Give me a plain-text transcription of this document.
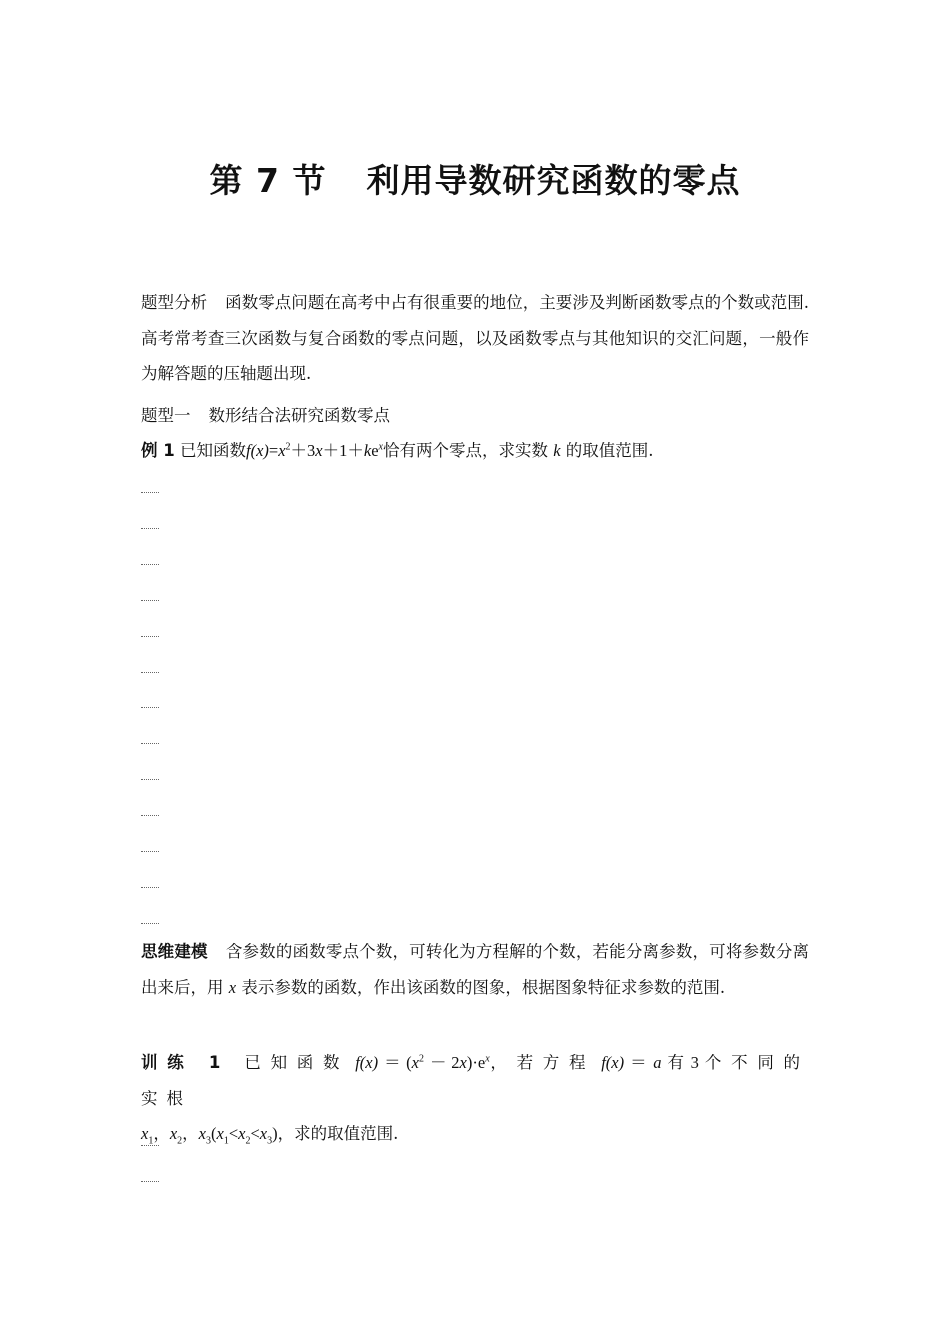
第 7 节 利用导数研究函数的零点
题型分析 函数零点问题在高考中占有很重要的地位，主要涉及判断函数零点的个数或范围.高考常考查三次函数与复合函数的零点问题，以及函数零点与其他知识的交汇问题，一般作为解答题的压轴题出现.
题型一 数形结合法研究函数零点
例 1 已知函数$f(x)=x^2+3x+1+ke^x$恰有两个零点，求实数 k 的取值范围.
思维建模 含参数的函数零点个数，可转化为方程解的个数，若能分离参数，可将参数分离出来后，用 x 表示参数的函数，作出该函数的图象，根据图象特征求参数的范围.
训练 1 已知函数 $f(x) = (x^2 - 2x)\cdot e^x$，若方程 f(x) ＝ a 有 3 个不同的实根
$x_1$，$x_2$，$x_3(x_1<x_2<x_3)$，求的取值范围.
